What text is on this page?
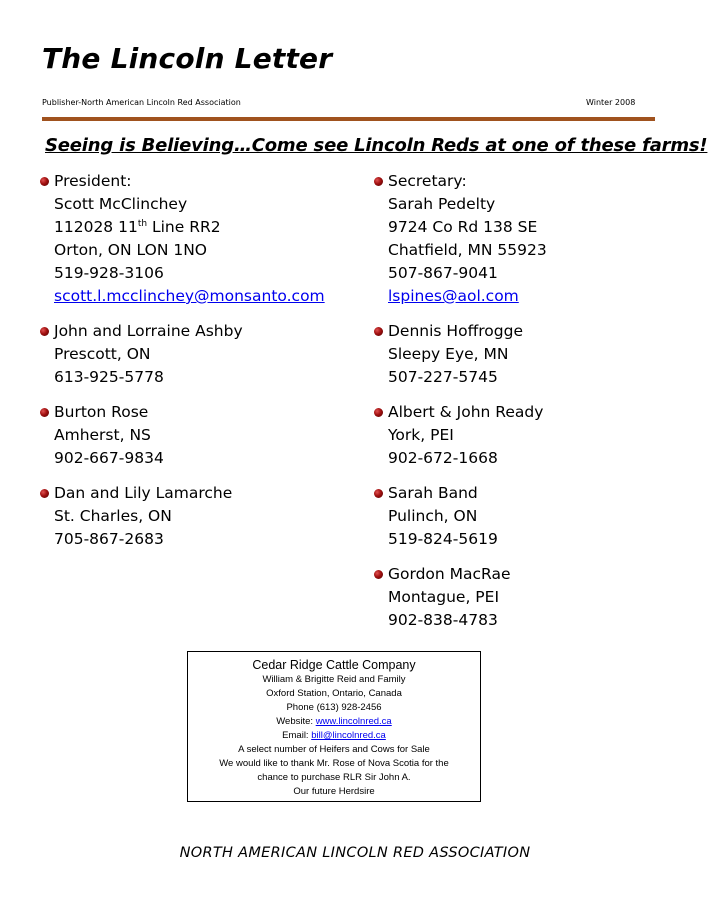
The Lincoln Letter
Publisher-North American Lincoln Red Association	Winter 2008
Seeing is Believing…Come see Lincoln Reds at one of these farms!
President:
Scott McClinchey
112028 11th Line RR2
Orton, ON LON 1NO
519-928-3106
scott.l.mcclinchey@monsanto.com
John and Lorraine Ashby
Prescott, ON
613-925-5778
Burton Rose
Amherst, NS
902-667-9834
Dan and Lily Lamarche
St. Charles, ON
705-867-2683
Secretary:
Sarah Pedelty
9724 Co Rd 138 SE
Chatfield, MN 55923
507-867-9041
lspines@aol.com
Dennis Hoffrogge
Sleepy Eye, MN
507-227-5745
Albert & John Ready
York, PEI
902-672-1668
Sarah Band
Pulinch, ON
519-824-5619
Gordon MacRae
Montague, PEI
902-838-4783
Cedar Ridge Cattle Company
William & Brigitte Reid and Family
Oxford Station, Ontario, Canada
Phone (613) 928-2456
Website: www.lincolnred.ca
Email: bill@lincolnred.ca
A select number of Heifers and Cows for Sale
We would like to thank Mr. Rose of Nova Scotia for the
chance to purchase RLR Sir John A.
Our future Herdsire
NORTH AMERICAN LINCOLN RED ASSOCIATION
